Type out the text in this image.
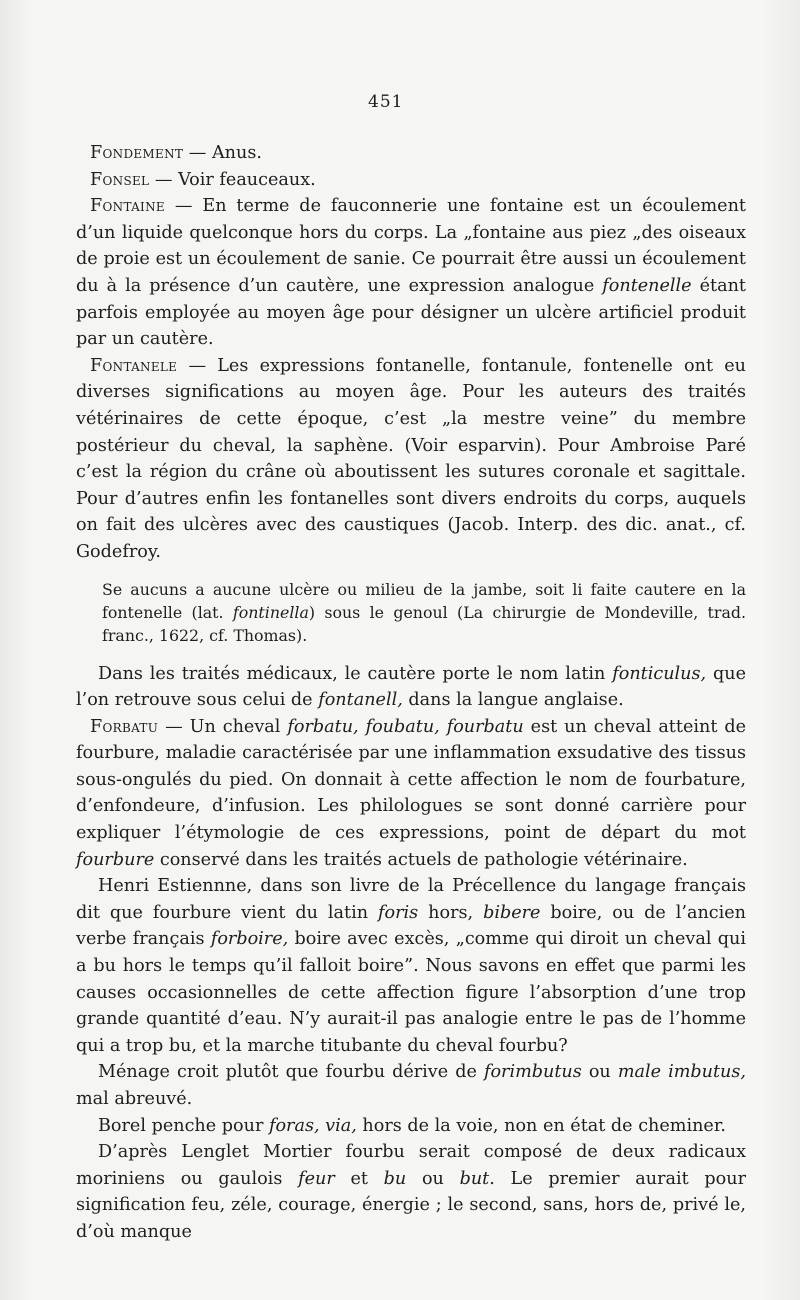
451

Fondement — Anus.

Fonsel — Voir feauceaux.

Fontaine — En terme de fauconnerie une fontaine est un écoulement d’un liquide quelconque hors du corps. La „fontaine aus piez „des oiseaux de proie est un écoulement de sanie. Ce pourrait être aussi un écoulement du à la présence d’un cautère, une expression analogue fontenelle étant parfois employée au moyen âge pour désigner un ulcère artificiel produit par un cautère.

Fontanele — Les expressions fontanelle, fontanule, fontenelle ont eu diverses significations au moyen âge. Pour les auteurs des traités vétérinaires de cette époque, c’est „la mestre veine” du membre postérieur du cheval, la saphène. (Voir esparvin). Pour Ambroise Paré c’est la région du crâne où aboutissent les sutures coronale et sagittale. Pour d’autres enfin les fontanelles sont divers endroits du corps, auquels on fait des ulcères avec des caustiques (Jacob. Interp. des dic. anat., cf. Godefroy.

Se aucuns a aucune ulcère ou milieu de la jambe, soit li faite cautere en la fontenelle (lat. fontinella) sous le genoul (La chirurgie de Mondeville, trad. franc., 1622, cf. Thomas).

Dans les traités médicaux, le cautère porte le nom latin fonticulus, que l’on retrouve sous celui de fontanell, dans la langue anglaise.

Forbatu — Un cheval forbatu, foubatu, fourbatu est un cheval atteint de fourbure, maladie caractérisée par une inflammation exsudative des tissus sous-ongulés du pied. On donnait à cette affection le nom de fourbature, d’enfondeure, d’infusion. Les philologues se sont donné carrière pour expliquer l’étymologie de ces expressions, point de départ du mot fourbure conservé dans les traités actuels de pathologie vétérinaire.

Henri Estiennne, dans son livre de la Précellence du langage français dit que fourbure vient du latin foris hors, bibere boire, ou de l’ancien verbe français forboire, boire avec excès, „comme qui diroit un cheval qui a bu hors le temps qu’il falloit boire”. Nous savons en effet que parmi les causes occasionnelles de cette affection figure l’absorption d’une trop grande quantité d’eau. N’y aurait-il pas analogie entre le pas de l’homme qui a trop bu, et la marche titubante du cheval fourbu?

Ménage croit plutôt que fourbu dérive de forimbutus ou male imbutus, mal abreuvé.

Borel penche pour foras, via, hors de la voie, non en état de cheminer.

D’après Lenglet Mortier fourbu serait composé de deux radicaux moriniens ou gaulois feur et bu ou but. Le premier aurait pour signification feu, zéle, courage, énergie ; le second, sans, hors de, privé le, d’où manque
